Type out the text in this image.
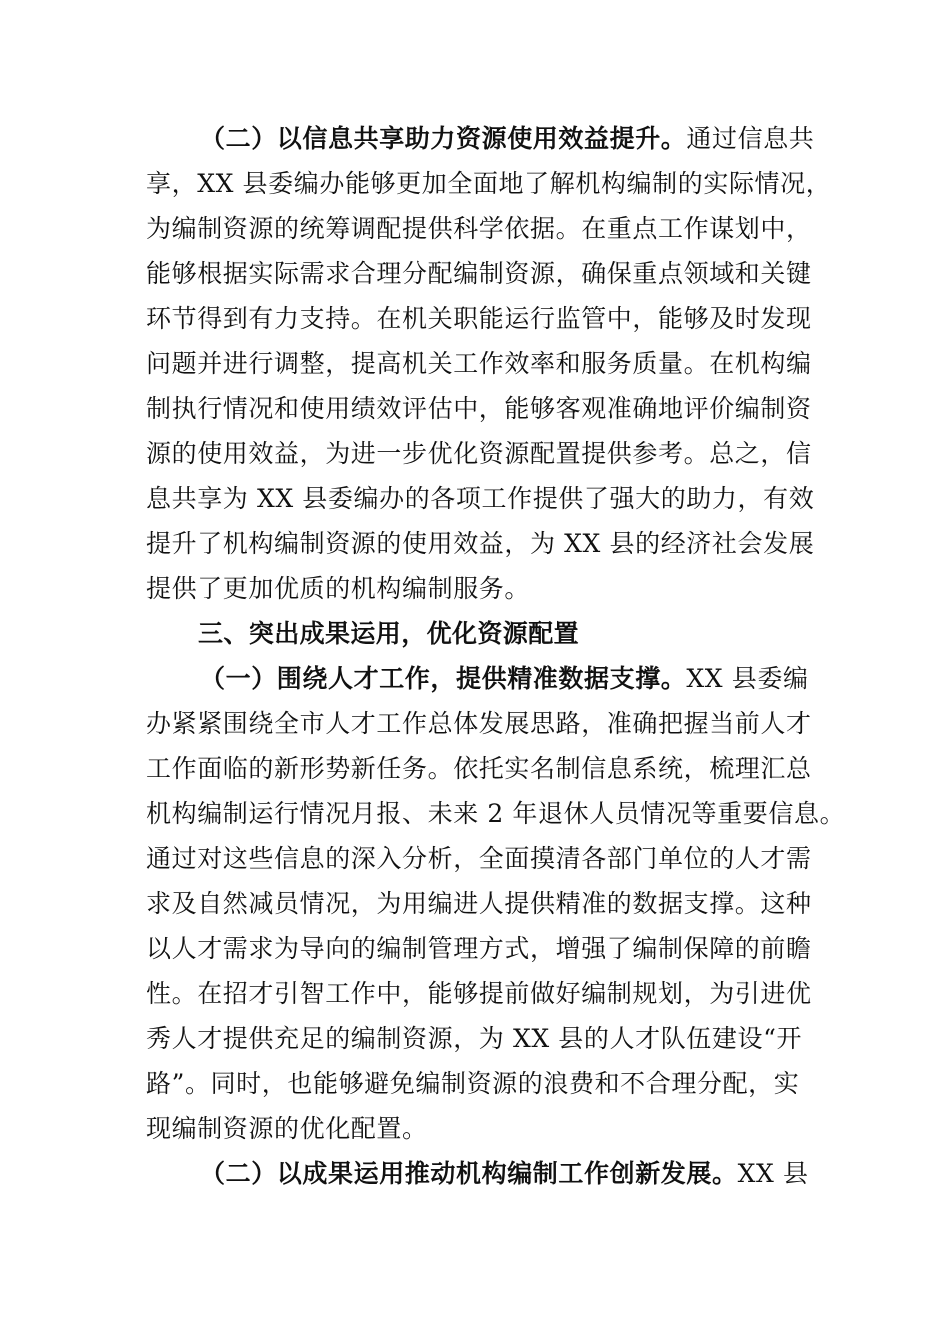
（二）以信息共享助力资源使用效益提升。通过信息共
享，XX 县委编办能够更加全面地了解机构编制的实际情况，
为编制资源的统筹调配提供科学依据。在重点工作谋划中，
能够根据实际需求合理分配编制资源，确保重点领域和关键
环节得到有力支持。在机关职能运行监管中，能够及时发现
问题并进行调整，提高机关工作效率和服务质量。在机构编
制执行情况和使用绩效评估中，能够客观准确地评价编制资
源的使用效益，为进一步优化资源配置提供参考。总之，信
息共享为 XX 县委编办的各项工作提供了强大的助力，有效
提升了机构编制资源的使用效益，为 XX 县的经济社会发展
提供了更加优质的机构编制服务。
三、突出成果运用，优化资源配置
（一）围绕人才工作，提供精准数据支撑。XX 县委编
办紧紧围绕全市人才工作总体发展思路，准确把握当前人才
工作面临的新形势新任务。依托实名制信息系统，梳理汇总
机构编制运行情况月报、未来 2 年退休人员情况等重要信息。
通过对这些信息的深入分析，全面摸清各部门单位的人才需
求及自然减员情况，为用编进人提供精准的数据支撑。这种
以人才需求为导向的编制管理方式，增强了编制保障的前瞻
性。在招才引智工作中，能够提前做好编制规划，为引进优
秀人才提供充足的编制资源，为 XX 县的人才队伍建设“开
路”。同时，也能够避免编制资源的浪费和不合理分配，实
现编制资源的优化配置。
（二）以成果运用推动机构编制工作创新发展。XX 县
